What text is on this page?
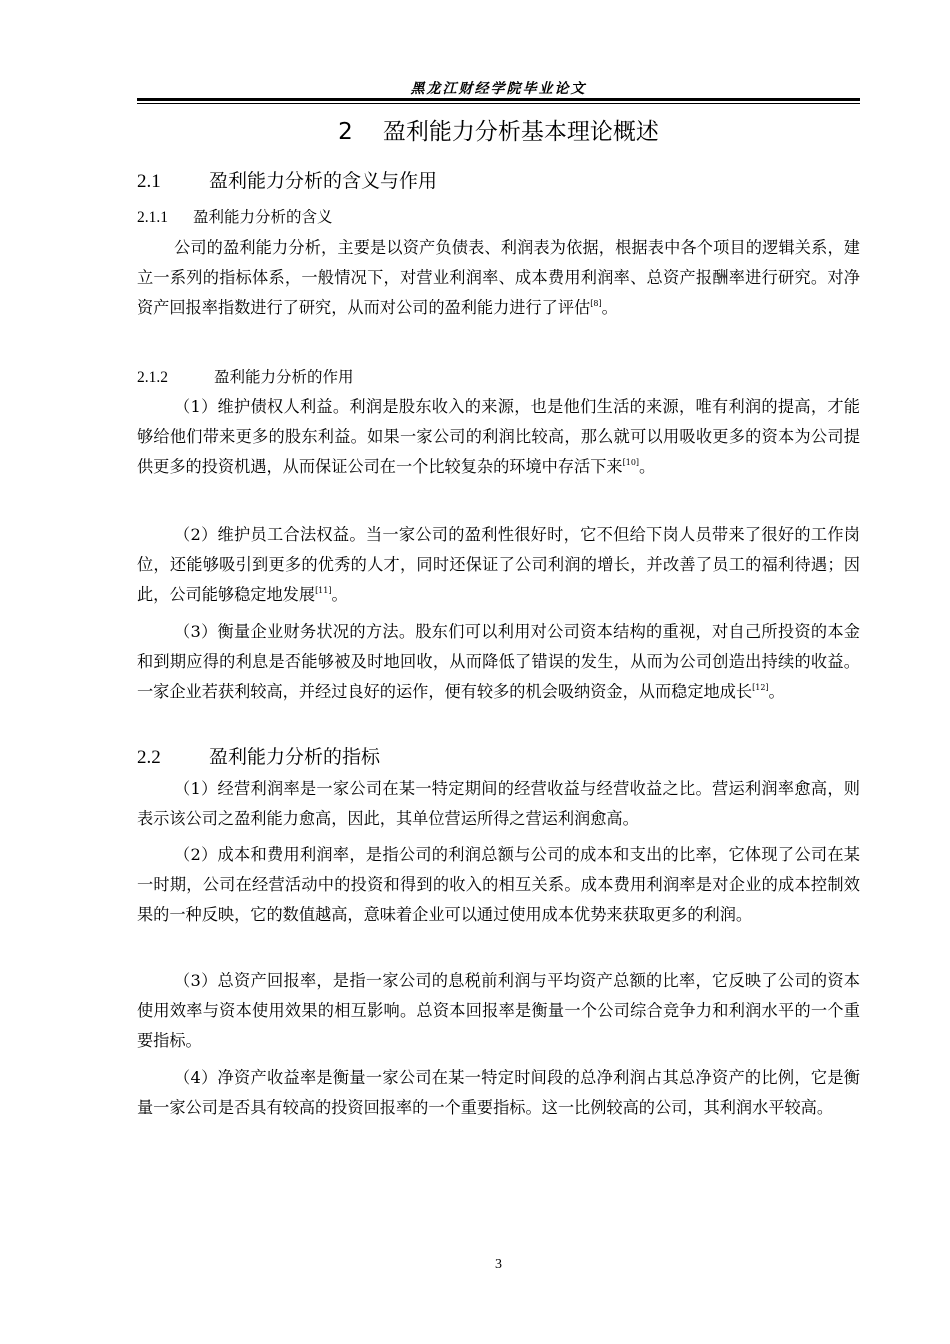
黑龙江财经学院毕业论文
2 盈利能力分析基本理论概述
2.1	盈利能力分析的含义与作用
2.1.1 盈利能力分析的含义

公司的盈利能力分析，主要是以资产负债表、利润表为依据，根据表中各个项目的逻辑关系，建立一系列的指标体系，一般情况下，对营业利润率、成本费用利润率、总资产报酬率进行研究。对净资产回报率指数进行了研究，从而对公司的盈利能力进行了评估[8]。

2.1.2	盈利能力分析的作用

（1）维护债权人利益。利润是股东收入的来源，也是他们生活的来源，唯有利润的提高，才能够给他们带来更多的股东利益。如果一家公司的利润比较高，那么就可以用吸收更多的资本为公司提供更多的投资机遇，从而保证公司在一个比较复杂的环境中存活下来[10]。

（2）维护员工合法权益。当一家公司的盈利性很好时，它不但给下岗人员带来了很好的工作岗位，还能够吸引到更多的优秀的人才，同时还保证了公司利润的增长，并改善了员工的福利待遇；因此，公司能够稳定地发展[11]。

（3）衡量企业财务状况的方法。股东们可以利用对公司资本结构的重视，对自己所投资的本金和到期应得的利息是否能够被及时地回收，从而降低了错误的发生，从而为公司创造出持续的收益。一家企业若获利较高，并经过良好的运作，便有较多的机会吸纳资金，从而稳定地成长[12]。

2.2	盈利能力分析的指标

（1）经营利润率是一家公司在某一特定期间的经营收益与经营收益之比。营运利润率愈高，则表示该公司之盈利能力愈高，因此，其单位营运所得之营运利润愈高。

（2）成本和费用利润率，是指公司的利润总额与公司的成本和支出的比率，它体现了公司在某一时期，公司在经营活动中的投资和得到的收入的相互关系。成本费用利润率是对企业的成本控制效果的一种反映，它的数值越高，意味着企业可以通过使用成本优势来获取更多的利润。

（3）总资产回报率，是指一家公司的息税前利润与平均资产总额的比率，它反映了公司的资本使用效率与资本使用效果的相互影响。总资本回报率是衡量一个公司综合竞争力和利润水平的一个重要指标。

（4）净资产收益率是衡量一家公司在某一特定时间段的总净利润占其总净资产的比例，它是衡量一家公司是否具有较高的投资回报率的一个重要指标。这一比例较高的公司，其利润水平较高。

3
